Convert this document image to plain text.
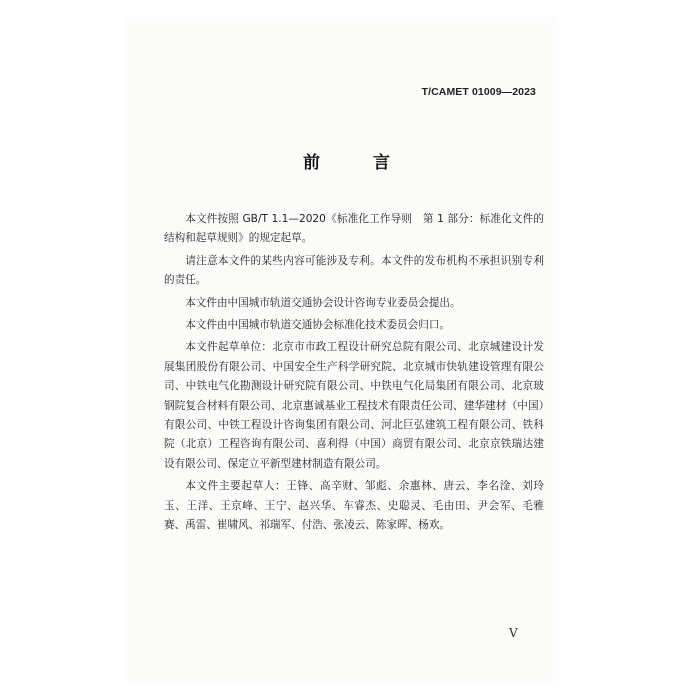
T/CAMET 01009—2023
前　言

本文件按照 GB/T 1.1—2020《标准化工作导则　第 1 部分：标准化文件的结构和起草规则》的规定起草。

请注意本文件的某些内容可能涉及专利。本文件的发布机构不承担识别专利的责任。

本文件由中国城市轨道交通协会设计咨询专业委员会提出。

本文件由中国城市轨道交通协会标准化技术委员会归口。

本文件起草单位：北京市市政工程设计研究总院有限公司、北京城建设计发展集团股份有限公司、中国安全生产科学研究院、北京城市快轨建设管理有限公司、中铁电气化勘测设计研究院有限公司、中铁电气化局集团有限公司、北京玻钢院复合材料有限公司、北京惠诚基业工程技术有限责任公司、建华建材（中国）有限公司、中铁工程设计咨询集团有限公司、河北巨弘建筑工程有限公司、铁科院（北京）工程咨询有限公司、喜利得（中国）商贸有限公司、北京京铁瑞达建设有限公司、保定立平新型建材制造有限公司。

本文件主要起草人：王锋、高辛财、邹彪、余惠林、唐云、李名淦、刘玲玉、王洋、王京峰、王宁、赵兴华、车睿杰、史聪灵、毛由田、尹会军、毛雅赛、禹雷、崔啸风、祁瑞军、付浩、张凌云、陈家晖、杨欢。

V
